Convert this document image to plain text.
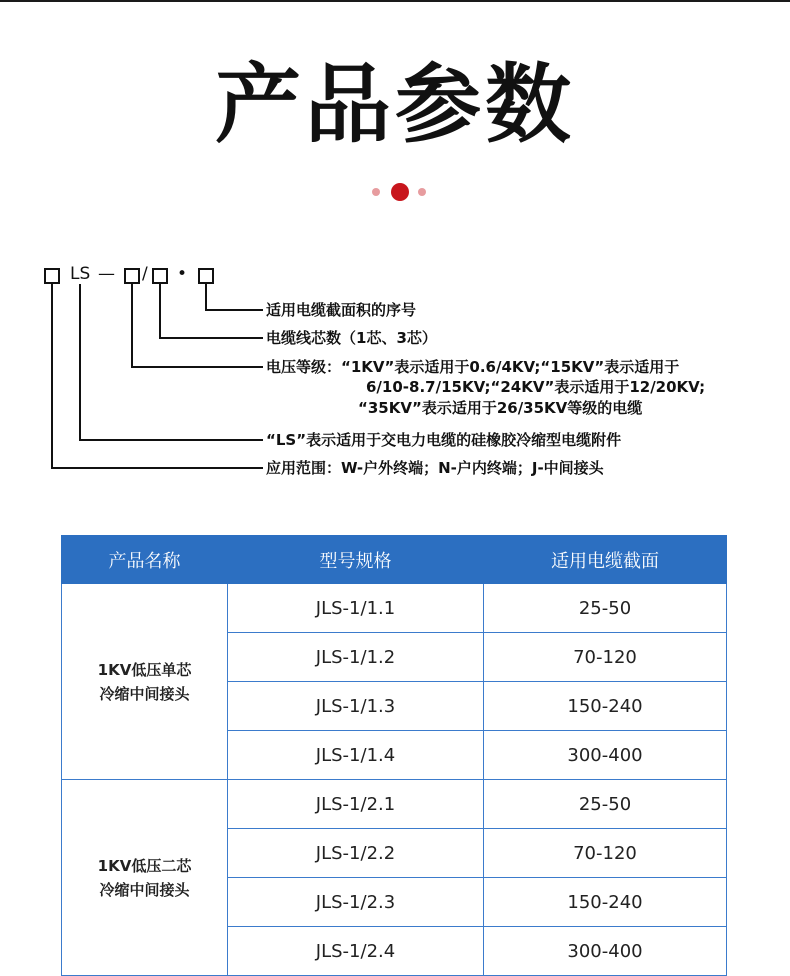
产品参数
LS — / •
适用电缆截面积的序号
电缆线芯数（1芯、3芯）
电压等级：“1KV”表示适用于0.6/4KV;“15KV”表示适用于
6/10-8.7/15KV;“24KV”表示适用于12/20KV;
“35KV”表示适用于26/35KV等级的电缆
“LS”表示适用于交电力电缆的硅橡胶冷缩型电缆附件
应用范围：W-户外终端；N-户内终端；J-中间接头
产品名称	型号规格	适用电缆截面

1KV低压单芯
冷缩中间接头	JLS-1/1.1	25-50
	JLS-1/1.2	70-120
	JLS-1/1.3	150-240
	JLS-1/1.4	300-400

1KV低压二芯
冷缩中间接头	JLS-1/2.1	25-50
	JLS-1/2.2	70-120
	JLS-1/2.3	150-240
	JLS-1/2.4	300-400
